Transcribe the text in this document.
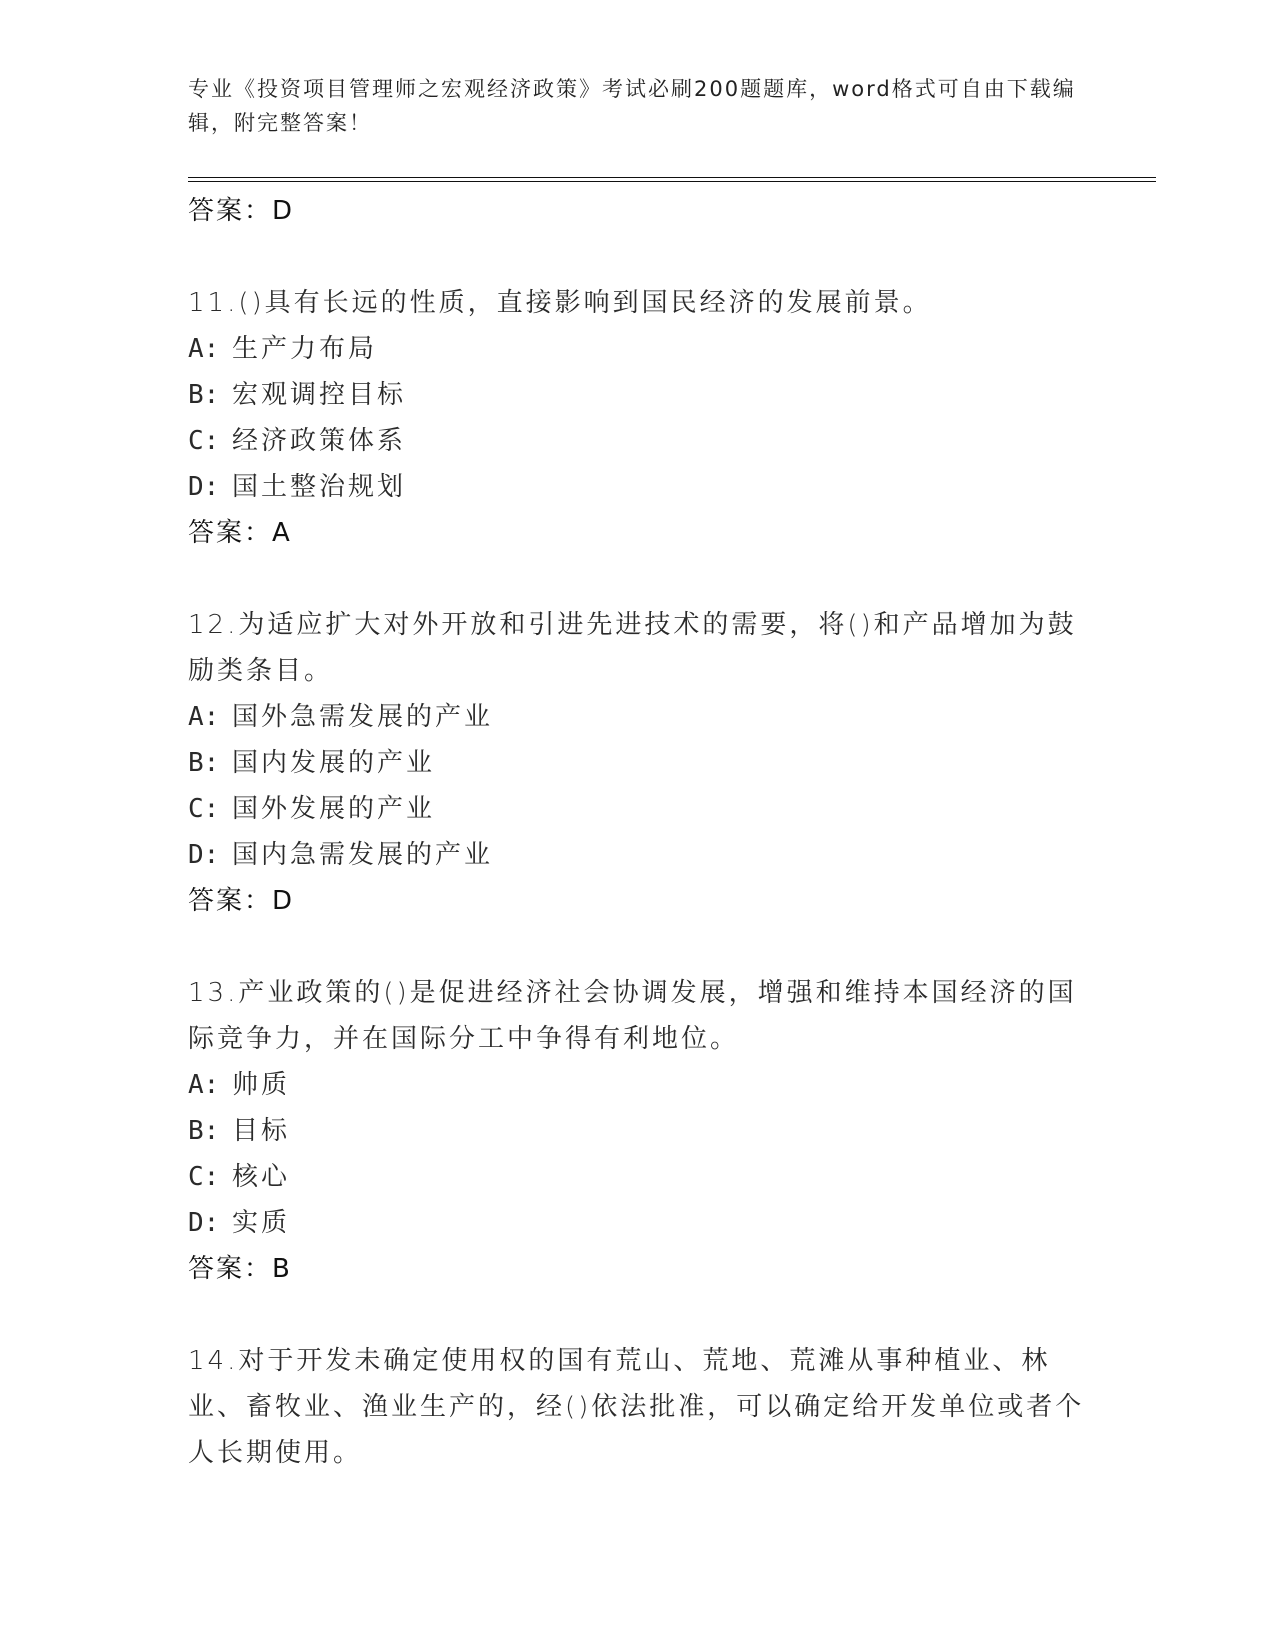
专业《投资项目管理师之宏观经济政策》考试必刷200题题库，word格式可自由下载编辑，附完整答案！
答案：D
11.()具有长远的性质，直接影响到国民经济的发展前景。
A: 生产力布局
B: 宏观调控目标
C: 经济政策体系
D: 国土整治规划
答案：A
12.为适应扩大对外开放和引进先进技术的需要，将()和产品增加为鼓励类条目。
A: 国外急需发展的产业
B: 国内发展的产业
C: 国外发展的产业
D: 国内急需发展的产业
答案：D
13.产业政策的()是促进经济社会协调发展，增强和维持本国经济的国际竞争力，并在国际分工中争得有利地位。
A: 帅质
B: 目标
C: 核心
D: 实质
答案：B
14.对于开发未确定使用权的国有荒山、荒地、荒滩从事种植业、林业、畜牧业、渔业生产的，经()依法批准，可以确定给开发单位或者个人长期使用。
